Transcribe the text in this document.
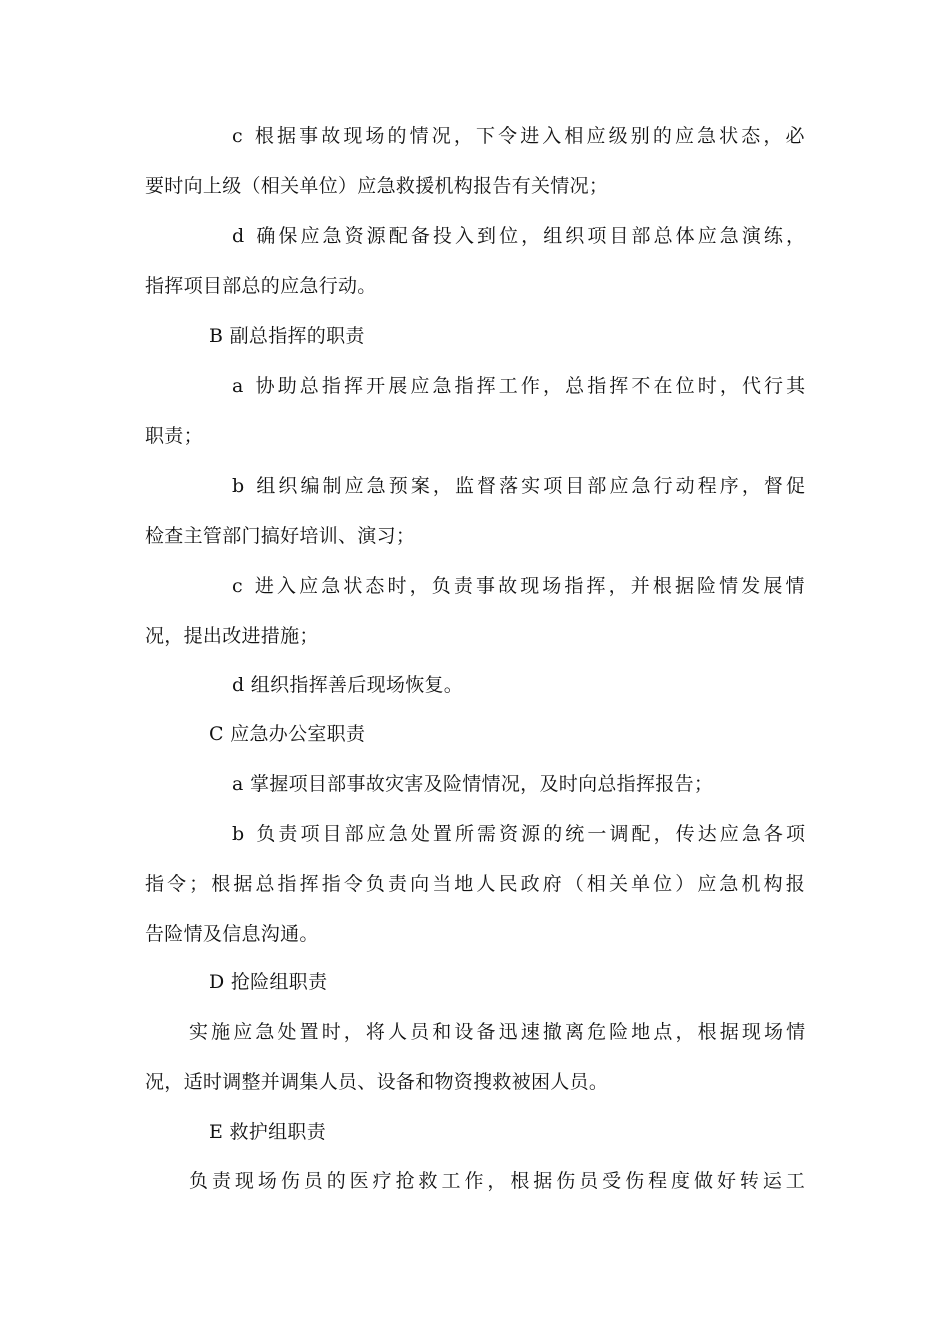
c 根据事故现场的情况，下令进入相应级别的应急状态，必
要时向上级（相关单位）应急救援机构报告有关情况；
d 确保应急资源配备投入到位，组织项目部总体应急演练，
指挥项目部总的应急行动。
B 副总指挥的职责
a 协助总指挥开展应急指挥工作，总指挥不在位时，代行其
职责；
b 组织编制应急预案，监督落实项目部应急行动程序，督促
检查主管部门搞好培训、演习；
c 进入应急状态时，负责事故现场指挥，并根据险情发展情
况，提出改进措施；
d 组织指挥善后现场恢复。
C 应急办公室职责
a 掌握项目部事故灾害及险情情况，及时向总指挥报告；
b 负责项目部应急处置所需资源的统一调配，传达应急各项
指令；根据总指挥指令负责向当地人民政府（相关单位）应急机构报
告险情及信息沟通。
D 抢险组职责
实施应急处置时，将人员和设备迅速撤离危险地点，根据现场情
况，适时调整并调集人员、设备和物资搜救被困人员。
E 救护组职责
负责现场伤员的医疗抢救工作，根据伤员受伤程度做好转运工
